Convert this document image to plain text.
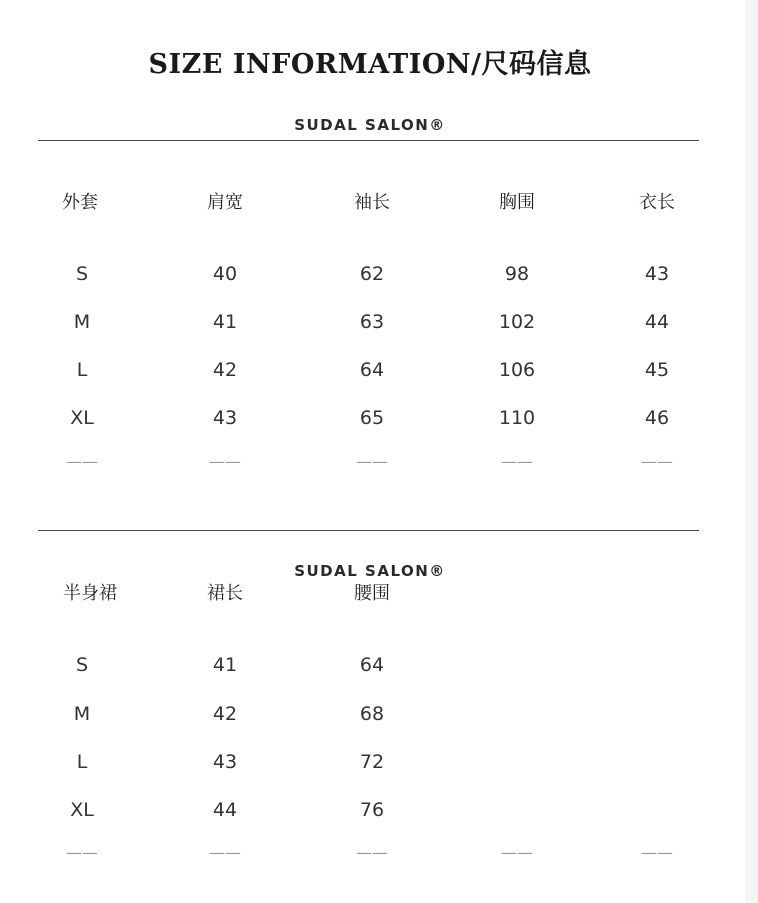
SIZE INFORMATION/尺码信息
SUDAL SALON®
外套	肩宽	袖长	胸围	衣长
S	40	62	98	43
M	41	63	102	44
L	42	64	106	45
XL	43	65	110	46
——	——	——	——	——
SUDAL SALON®
半身裙	裙长	腰围
S	41	64
M	42	68
L	43	72
XL	44	76
——	——	——	——	——
